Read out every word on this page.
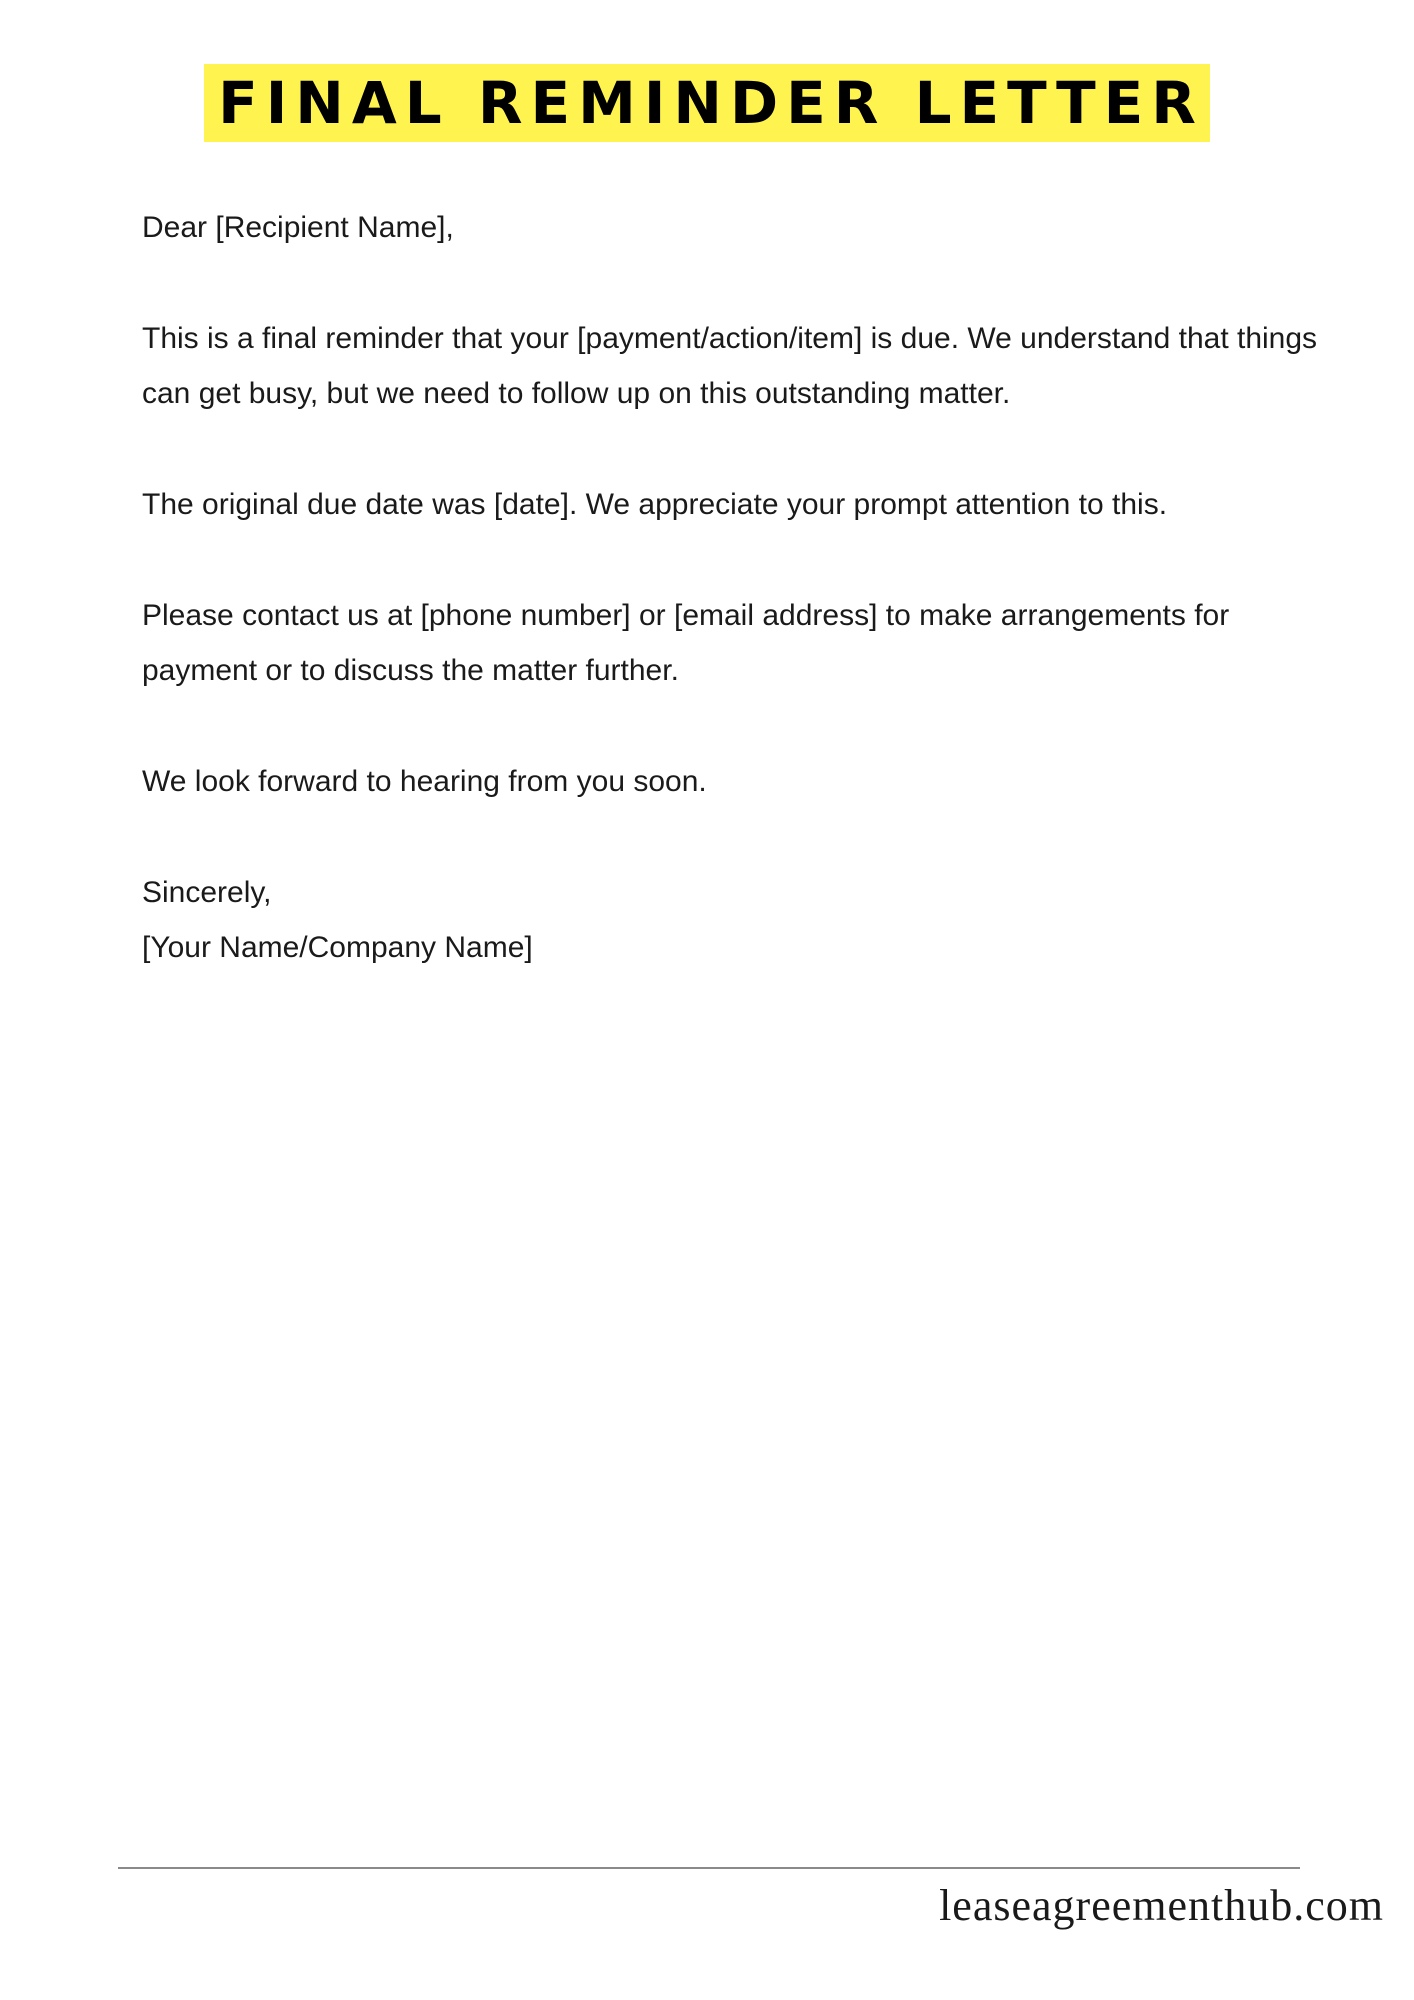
FINAL REMINDER LETTER

Dear [Recipient Name],

This is a final reminder that your [payment/action/item] is due. We understand that things can get busy, but we need to follow up on this outstanding matter.

The original due date was [date]. We appreciate your prompt attention to this.

Please contact us at [phone number] or [email address] to make arrangements for payment or to discuss the matter further.

We look forward to hearing from you soon.

Sincerely,

[Your Name/Company Name]

leaseagreementhub.com
